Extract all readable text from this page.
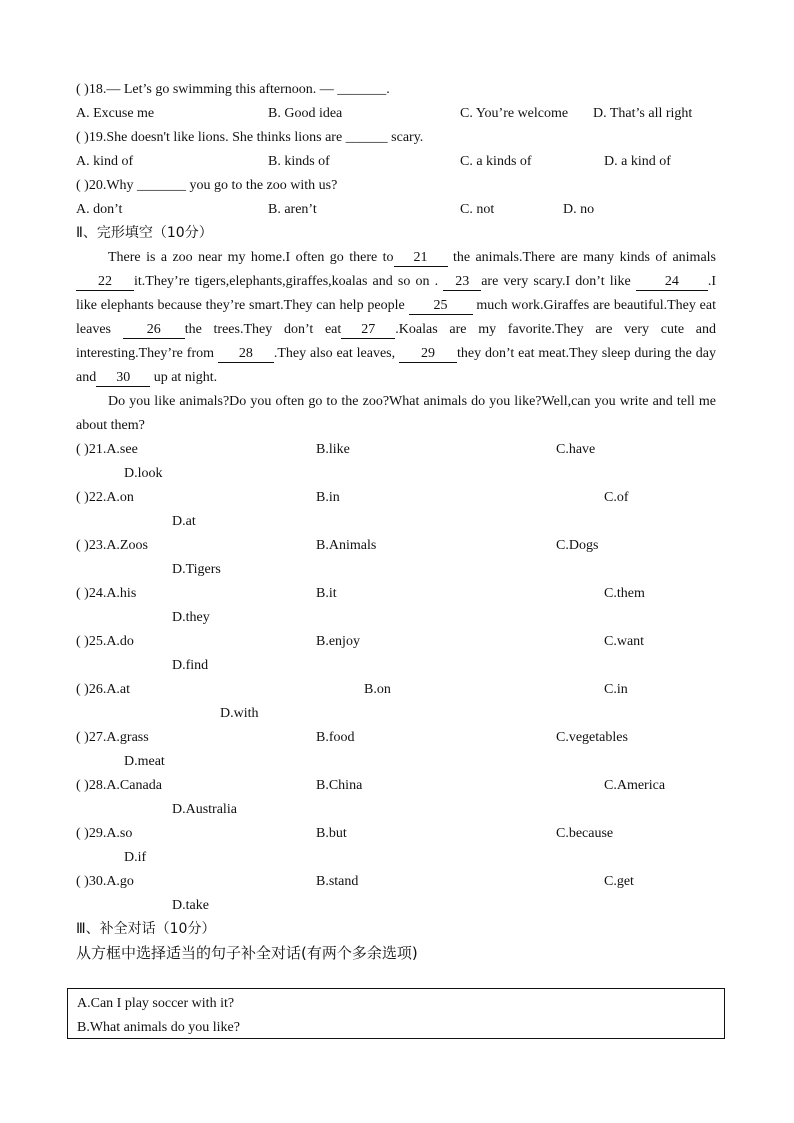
( )18.— Let’s go swimming this afternoon. — _______.
A. Excuse me	B. Good idea	C. You’re welcome D. That’s all right
( )19.She doesn't like lions. She thinks lions are ______ scary.
A. kind of	B. kinds of	C. a kinds of	D. a kind of
( )20.Why _______ you go to the zoo with us?
A. don’t	B. aren’t	C. not	D. no
Ⅱ、完形填空（10分）
There is a zoo near my home.I often go there to 21 the animals.There are many kinds of animals 22 it.They’re tigers,elephants,giraffes,koalas and so on . 23 are very scary.I don’t like 24 .I like elephants because they’re smart.They can help people 25 much work.Giraffes are beautiful.They eat leaves 26 the trees.They don’t eat 27 .Koalas are my favorite.They are very cute and interesting.They’re from 28 .They also eat leaves, 29 they don’t eat meat.They sleep during the day and 30 up at night.
Do you like animals?Do you often go to the zoo?What animals do you like?Well,can you write and tell me about them?
( )21.A.see	B.like	C.have
D.look
( )22.A.on	B.in	C.of
D.at
( )23.A.Zoos	B.Animals	C.Dogs
D.Tigers
( )24.A.his	B.it	C.them
D.they
( )25.A.do	B.enjoy	C.want
D.find
( )26.A.at	B.on	C.in
D.with
( )27.A.grass	B.food	C.vegetables
D.meat
( )28.A.Canada	B.China	C.America
D.Australia
( )29.A.so	B.but	C.because
D.if
( )30.A.go	B.stand	C.get
D.take
Ⅲ、补全对话（10分）
从方框中选择适当的句子补全对话(有两个多余选项)
A.Can I play soccer with it?
B.What animals do you like?
